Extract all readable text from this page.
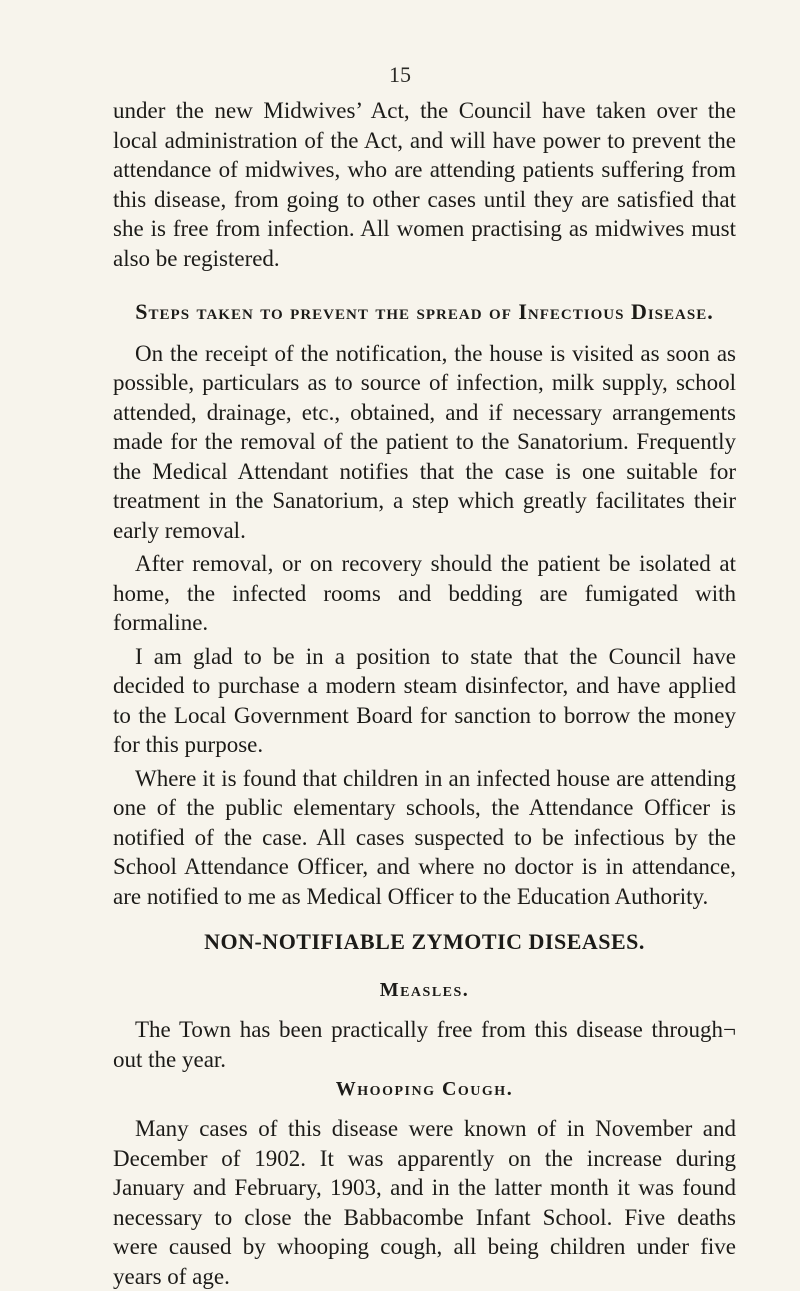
15

under the new Midwives’ Act, the Council have taken over the local administration of the Act, and will have power to prevent the attendance of midwives, who are attending patients suffering from this disease, from going to other cases until they are satisfied that she is free from infection. All women practising as midwives must also be registered.

Steps taken to prevent the spread of Infectious Disease.

On the receipt of the notification, the house is visited as soon as possible, particulars as to source of infection, milk supply, school attended, drainage, etc., obtained, and if necessary arrangements made for the removal of the patient to the Sanatorium. Frequently the Medical Attendant notifies that the case is one suitable for treatment in the Sanatorium, a step which greatly facilitates their early removal.

After removal, or on recovery should the patient be isolated at home, the infected rooms and bedding are fumigated with formaline.

I am glad to be in a position to state that the Council have decided to purchase a modern steam disinfector, and have applied to the Local Government Board for sanction to borrow the money for this purpose.

Where it is found that children in an infected house are attending one of the public elementary schools, the Attendance Officer is notified of the case. All cases suspected to be infectious by the School Attendance Officer, and where no doctor is in attendance, are notified to me as Medical Officer to the Education Authority.

NON-NOTIFIABLE ZYMOTIC DISEASES.
Measles.

The Town has been practically free from this disease through¬ out the year.

Whooping Cough.

Many cases of this disease were known of in November and December of 1902. It was apparently on the increase during January and February, 1903, and in the latter month it was found necessary to close the Babbacombe Infant School. Five deaths were caused by whooping cough, all being children under five years of age.
